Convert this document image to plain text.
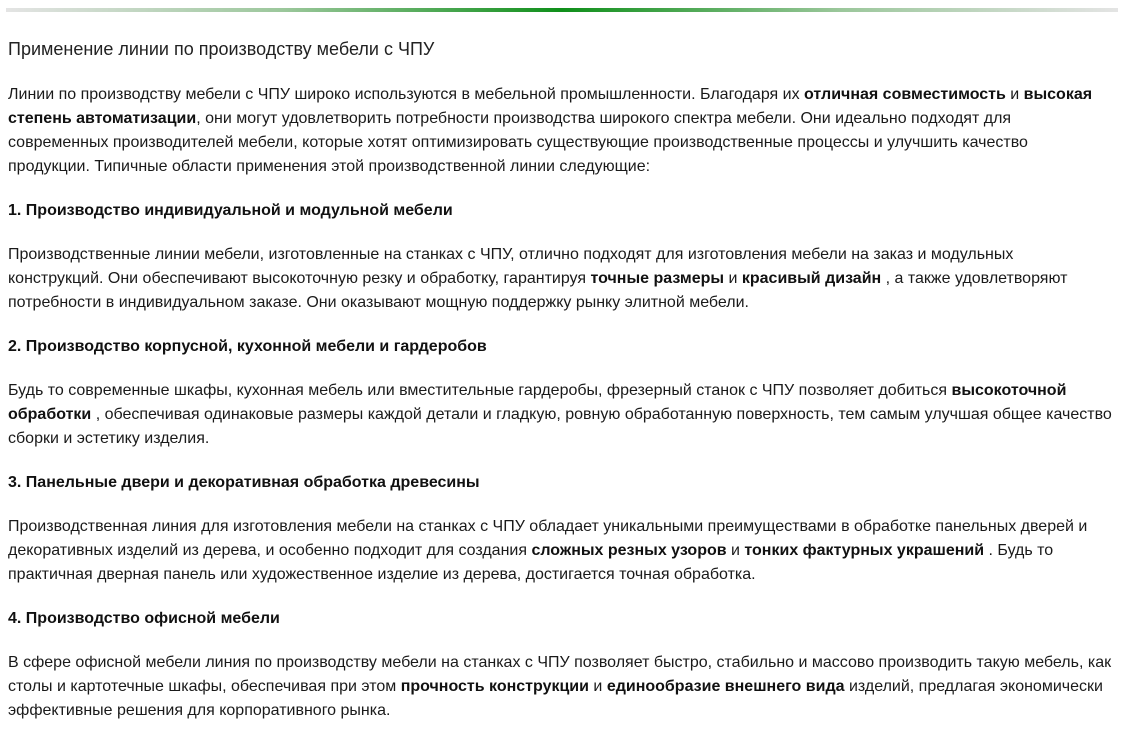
Применение линии по производству мебели с ЧПУ

Линии по производству мебели с ЧПУ широко используются в мебельной промышленности. Благодаря их отличная совместимость и высокая степень автоматизации, они могут удовлетворить потребности производства широкого спектра мебели. Они идеально подходят для современных производителей мебели, которые хотят оптимизировать существующие производственные процессы и улучшить качество продукции. Типичные области применения этой производственной линии следующие:

1. Производство индивидуальной и модульной мебели

Производственные линии мебели, изготовленные на станках с ЧПУ, отлично подходят для изготовления мебели на заказ и модульных конструкций. Они обеспечивают высокоточную резку и обработку, гарантируя точные размеры и красивый дизайн , а также удовлетворяют потребности в индивидуальном заказе. Они оказывают мощную поддержку рынку элитной мебели.

2. Производство корпусной, кухонной мебели и гардеробов

Будь то современные шкафы, кухонная мебель или вместительные гардеробы, фрезерный станок с ЧПУ позволяет добиться высокоточной обработки , обеспечивая одинаковые размеры каждой детали и гладкую, ровную обработанную поверхность, тем самым улучшая общее качество сборки и эстетику изделия.

3. Панельные двери и декоративная обработка древесины

Производственная линия для изготовления мебели на станках с ЧПУ обладает уникальными преимуществами в обработке панельных дверей и декоративных изделий из дерева, и особенно подходит для создания сложных резных узоров и тонких фактурных украшений . Будь то практичная дверная панель или художественное изделие из дерева, достигается точная обработка.

4. Производство офисной мебели

В сфере офисной мебели линия по производству мебели на станках с ЧПУ позволяет быстро, стабильно и массово производить такую мебель, как столы и картотечные шкафы, обеспечивая при этом прочность конструкции и единообразие внешнего вида изделий, предлагая экономически эффективные решения для корпоративного рынка.
